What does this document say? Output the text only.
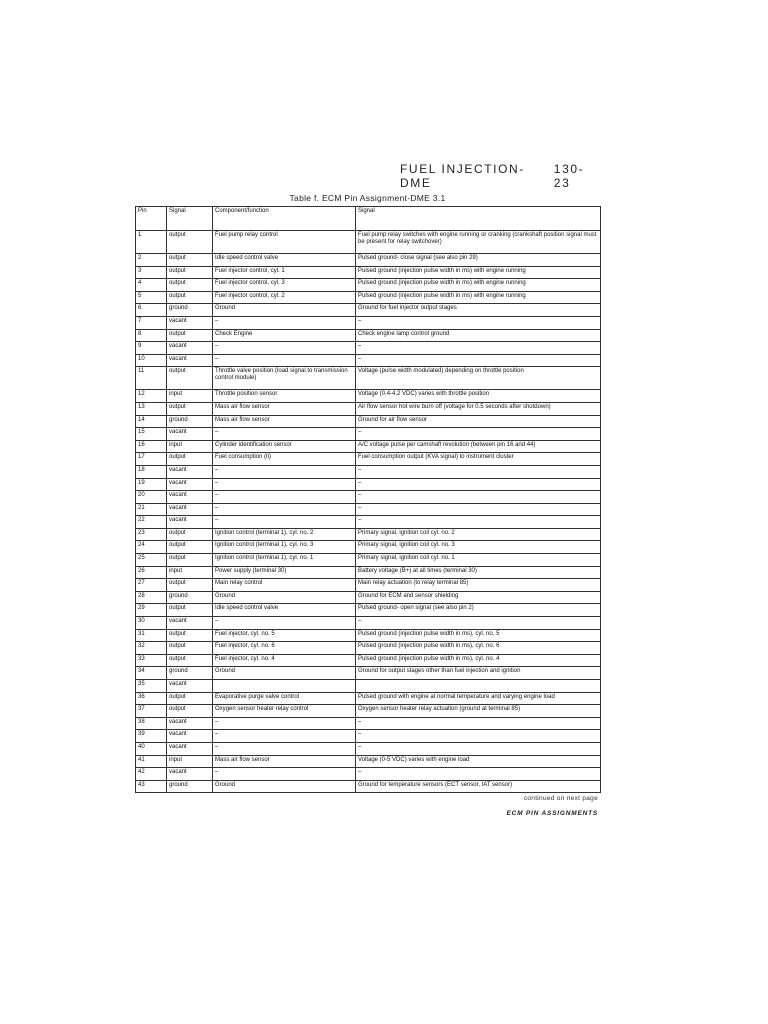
FUEL INJECTION-DME
130-23
Table f. ECM Pin Assignment-DME 3.1
Pin	Signal	Component/function	Signal
1	output	Fuel pump relay control	Fuel pump relay switches with engine running or cranking (crankshaft position signal must be present for relay switchover)
2	output	Idle speed control valve	Pulsed ground- close signal (see also pin 29)
3	output	Fuel injector control, cyl. 1	Pulsed ground (injection pulse width in ms) with engine running
4	output	Fuel injector control, cyl. 3	Pulsed ground (injection pulse width in ms) with engine running
5	output	Fuel injector control, cyl. 2	Pulsed ground (injection pulse width in ms) with engine running
6	ground	Ground	Ground for fuel injector output stages
7	vacant	–	–
8	output	Check Engine	Check engine lamp control ground
9	vacant	–	–
10	vacant	–	–
11	output	Throttle valve position (load signal to transmission control module)	Voltage (pulse width modulated) depending on throttle position
12	input	Throttle position sensor	Voltage (0.4-4.2 VDC) varies with throttle position
13	output	Mass air flow sensor	Air flow sensor hot wire burn off (voltage for 0.5 seconds after shutdown)
14	ground	Mass air flow sensor	Ground for air flow sensor
15	vacant	–	–
16	input	Cylinder identification sensor	A/C voltage pulse per camshaft revolution (between pin 16 and 44)
17	output	Fuel consumption (ti)	Fuel consumption output (KVA signal) to instrument cluster
18	vacant	–	–
19	vacant	–	–
20	vacant	–	–
21	vacant	–	–
22	vacant	–	–
23	output	Ignition control (terminal 1), cyl. no. 2	Primary signal, ignition coil cyl. no. 2
24	output	Ignition control (terminal 1), cyl. no. 3	Primary signal, ignition coil cyl. no. 3
25	output	Ignition control (terminal 1), cyl. no. 1	Primary signal, ignition coil cyl. no. 1
26	input	Power supply (terminal 30)	Battery voltage (B+) at all times (terminal 30)
27	output	Main relay control	Main relay actuation (to relay terminal 85)
28	ground	Ground	Ground for ECM and sensor shielding
29	output	Idle speed control valve	Pulsed ground- open signal (see also pin 2)
30	vacant	–	–
31	output	Fuel injector, cyl. no. 5	Pulsed ground (injection pulse width in ms), cyl. no. 5
32	output	Fuel injector, cyl. no. 6	Pulsed ground (injection pulse width in ms), cyl. no. 6
33	output	Fuel injector, cyl. no. 4	Pulsed ground (injection pulse width in ms), cyl. no. 4
34	ground	Ground	Ground for output stages other than fuel injection and ignition
35	vacant		
36	output	Evaporative purge valve control	Pulsed ground with engine at normal temperature and varying engine load
37	output	Oxygen sensor heater relay control	Oxygen sensor heater relay actuation (ground at terminal 85)
38	vacant	–	–
39	vacant	–	–
40	vacant	–	–
41	input	Mass air flow sensor	Voltage (0-5 VDC) varies with engine load
42	vacant	–	–
43	ground	Ground	Ground for temperature sensors (ECT sensor, IAT sensor)
continued on next page
ECM PIN ASSIGNMENTS
